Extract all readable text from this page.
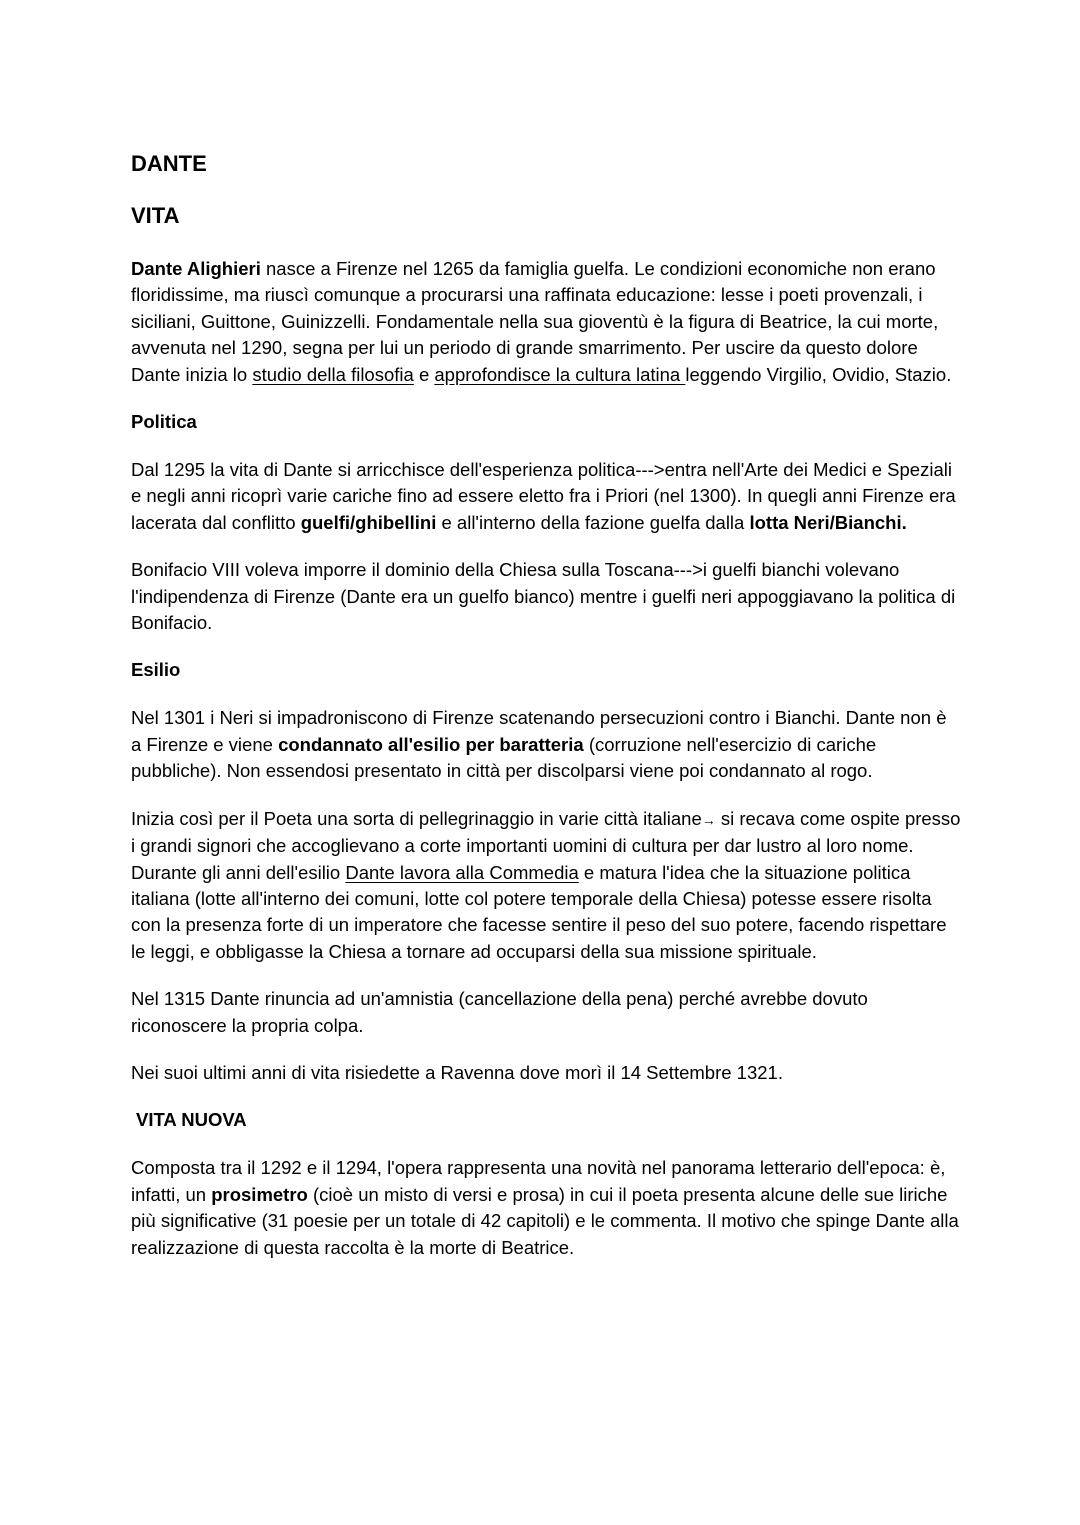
DANTE
VITA

Dante Alighieri nasce a Firenze nel 1265 da famiglia guelfa. Le condizioni economiche non erano floridissime, ma riuscì comunque a procurarsi una raffinata educazione: lesse i poeti provenzali, i siciliani, Guittone, Guinizzelli. Fondamentale nella sua gioventù è la figura di Beatrice, la cui morte, avvenuta nel 1290, segna per lui un periodo di grande smarrimento. Per uscire da questo dolore Dante inizia lo studio della filosofia e approfondisce la cultura latina leggendo Virgilio, Ovidio, Stazio.

Politica

Dal 1295 la vita di Dante si arricchisce dell'esperienza politica--->entra nell'Arte dei Medici e Speziali e negli anni ricoprì varie cariche fino ad essere eletto fra i Priori (nel 1300). In quegli anni Firenze era lacerata dal conflitto guelfi/ghibellini e all'interno della fazione guelfa dalla lotta Neri/Bianchi.

Bonifacio VIII voleva imporre il dominio della Chiesa sulla Toscana--->i guelfi bianchi volevano l'indipendenza di Firenze (Dante era un guelfo bianco) mentre i guelfi neri appoggiavano la politica di Bonifacio.

Esilio

Nel 1301 i Neri si impadroniscono di Firenze scatenando persecuzioni contro i Bianchi. Dante non è a Firenze e viene condannato all'esilio per baratteria (corruzione nell'esercizio di cariche pubbliche). Non essendosi presentato in città per discolparsi viene poi condannato al rogo.

Inizia così per il Poeta una sorta di pellegrinaggio in varie città italiane→ si recava come ospite presso i grandi signori che accoglievano a corte importanti uomini di cultura per dar lustro al loro nome. Durante gli anni dell'esilio Dante lavora alla Commedia e matura l'idea che la situazione politica italiana (lotte all'interno dei comuni, lotte col potere temporale della Chiesa) potesse essere risolta con la presenza forte di un imperatore che facesse sentire il peso del suo potere, facendo rispettare le leggi, e obbligasse la Chiesa a tornare ad occuparsi della sua missione spirituale.

Nel 1315 Dante rinuncia ad un'amnistia (cancellazione della pena) perché avrebbe dovuto riconoscere la propria colpa.

Nei suoi ultimi anni di vita risiedette a Ravenna dove morì il 14 Settembre 1321.

VITA NUOVA

Composta tra il 1292 e il 1294, l'opera rappresenta una novità nel panorama letterario dell'epoca: è, infatti, un prosimetro (cioè un misto di versi e prosa) in cui il poeta presenta alcune delle sue liriche più significative (31 poesie per un totale di 42 capitoli) e le commenta. Il motivo che spinge Dante alla realizzazione di questa raccolta è la morte di Beatrice.
